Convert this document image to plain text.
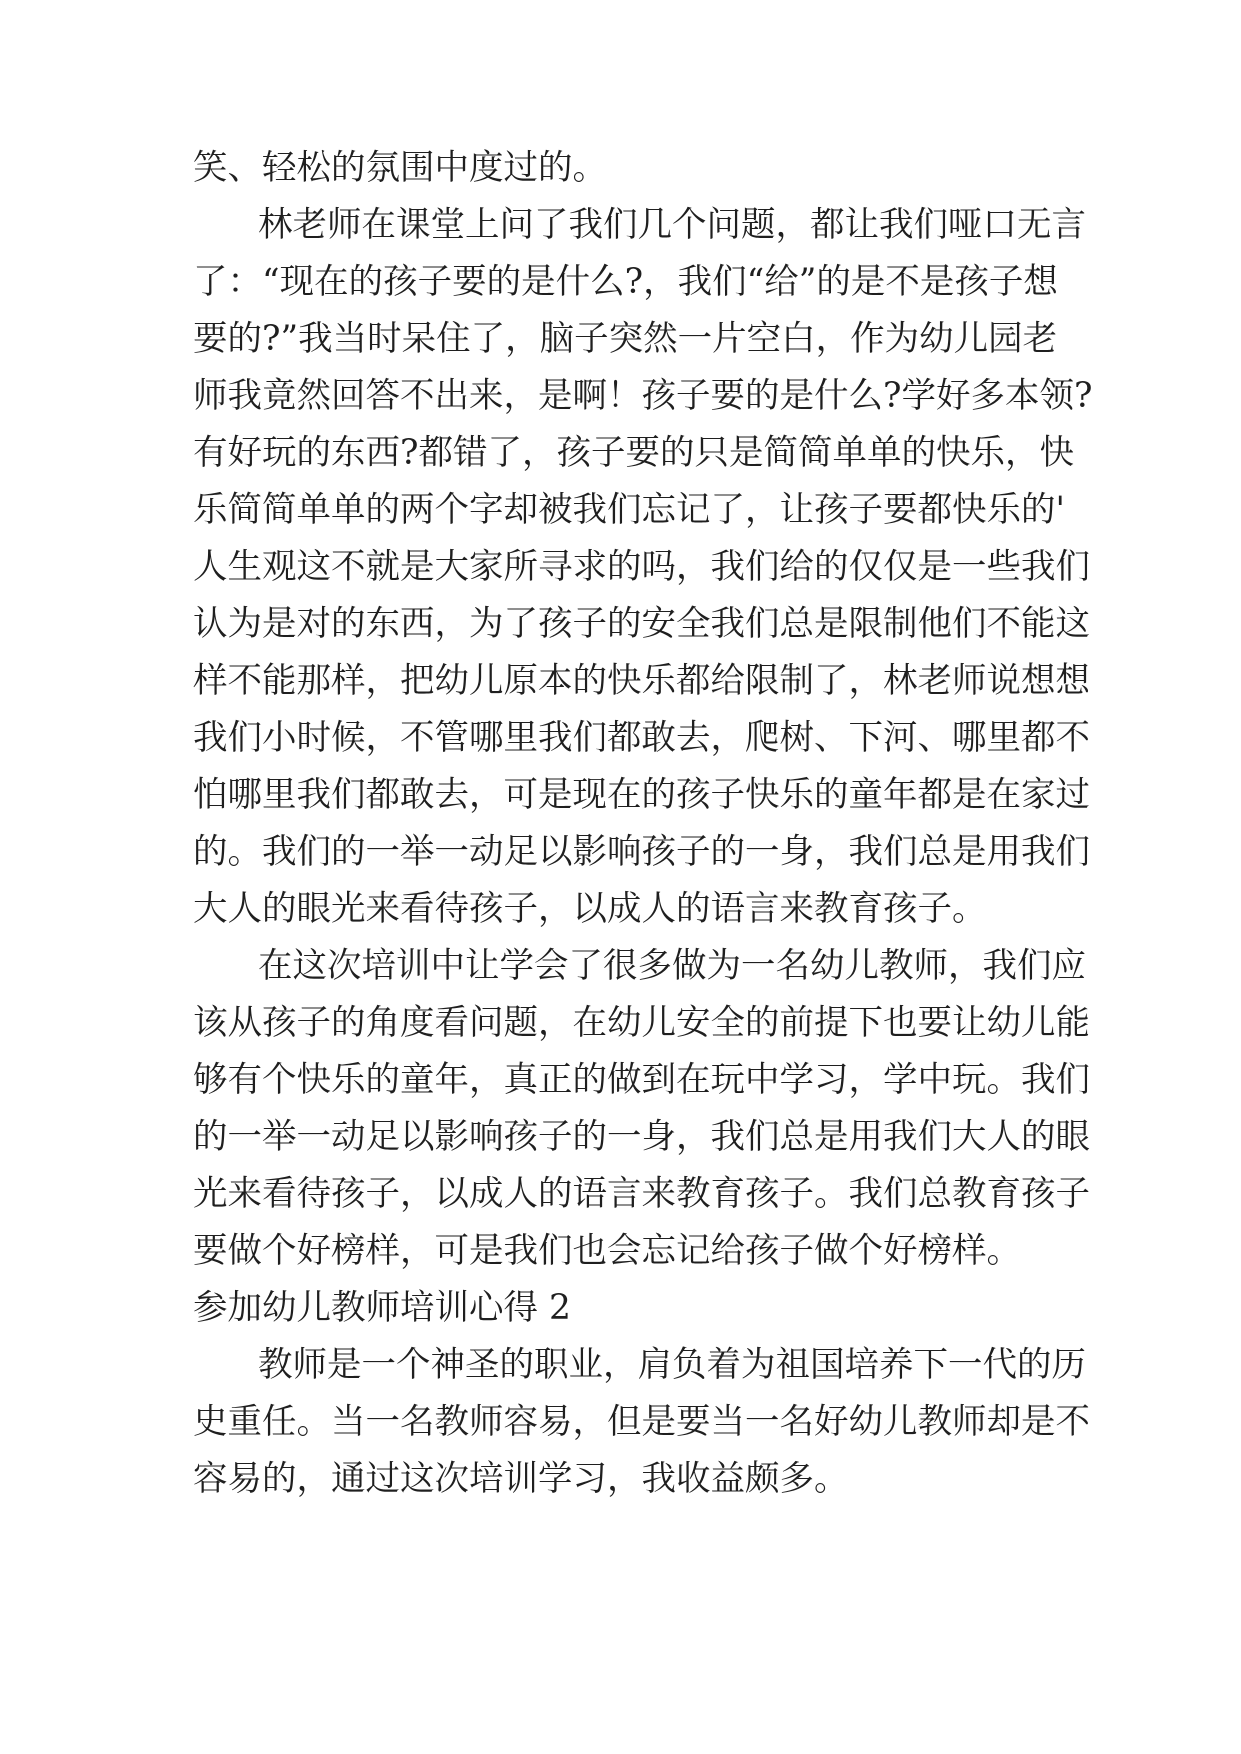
笑、轻松的氛围中度过的。
林老师在课堂上问了我们几个问题，都让我们哑口无言
了：“现在的孩子要的是什么?，我们“给”的是不是孩子想
要的?”我当时呆住了，脑子突然一片空白，作为幼儿园老
师我竟然回答不出来，是啊！孩子要的是什么?学好多本领?
有好玩的东西?都错了，孩子要的只是简简单单的快乐，快
乐简简单单的两个字却被我们忘记了，让孩子要都快乐的'
人生观这不就是大家所寻求的吗，我们给的仅仅是一些我们
认为是对的东西，为了孩子的安全我们总是限制他们不能这
样不能那样，把幼儿原本的快乐都给限制了，林老师说想想
我们小时候，不管哪里我们都敢去，爬树、下河、哪里都不
怕哪里我们都敢去，可是现在的孩子快乐的童年都是在家过
的。我们的一举一动足以影响孩子的一身，我们总是用我们
大人的眼光来看待孩子，以成人的语言来教育孩子。
在这次培训中让学会了很多做为一名幼儿教师，我们应
该从孩子的角度看问题，在幼儿安全的前提下也要让幼儿能
够有个快乐的童年，真正的做到在玩中学习，学中玩。我们
的一举一动足以影响孩子的一身，我们总是用我们大人的眼
光来看待孩子，以成人的语言来教育孩子。我们总教育孩子
要做个好榜样，可是我们也会忘记给孩子做个好榜样。
参加幼儿教师培训心得 2
教师是一个神圣的职业，肩负着为祖国培养下一代的历
史重任。当一名教师容易，但是要当一名好幼儿教师却是不
容易的，通过这次培训学习，我收益颇多。
